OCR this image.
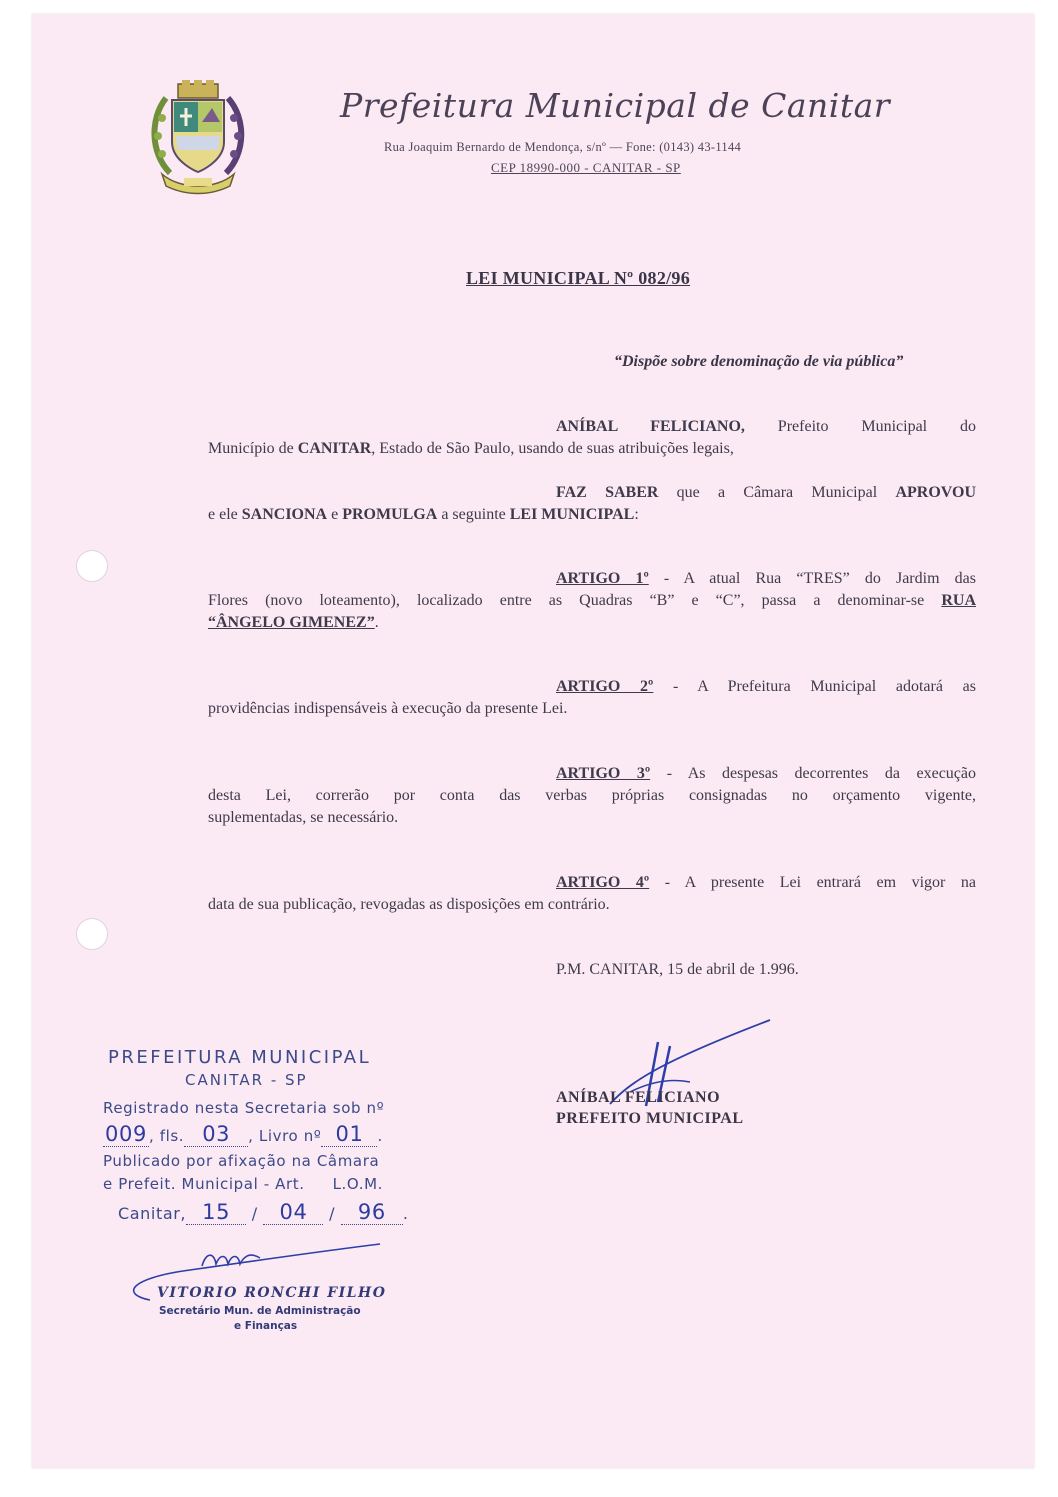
Prefeitura Municipal de Canitar
Rua Joaquim Bernardo de Mendonça, s/nº — Fone: (0143) 43-1144
CEP 18990-000 - CANITAR - SP
LEI MUNICIPAL Nº 082/96
“Dispõe sobre denominação de via pública”
ANÍBAL FELICIANO, Prefeito Municipal do
Município de CANITAR, Estado de São Paulo, usando de suas atribuições legais,
FAZ SABER que a Câmara Municipal APROVOU
e ele SANCIONA e PROMULGA a seguinte LEI MUNICIPAL:
ARTIGO 1º - A atual Rua “TRES” do Jardim das
Flores (novo loteamento), localizado entre as Quadras “B” e “C”, passa a denominar-se RUA
“ÂNGELO GIMENEZ”.
ARTIGO 2º - A Prefeitura Municipal adotará as
providências indispensáveis à execução da presente Lei.
ARTIGO 3º - As despesas decorrentes da execução
desta Lei, correrão por conta das verbas próprias consignadas no orçamento vigente,
suplementadas, se necessário.
ARTIGO 4º - A presente Lei entrará em vigor na
data de sua publicação, revogadas as disposições em contrário.
P.M. CANITAR, 15 de abril de 1.996.
ANÍBAL FELICIANO
PREFEITO MUNICIPAL
PREFEITURA MUNICIPAL
CANITAR - SP
Registrado nesta Secretaria sob nº
009 , fls. 03 , Livro nº 01 .
Publicado por afixação na Câmara
e Prefeit. Municipal - Art. L.O.M.
Canitar, 15 / 04 / 96 .
VITORIO RONCHI FILHO
Secretário Mun. de Administração
e Finanças
